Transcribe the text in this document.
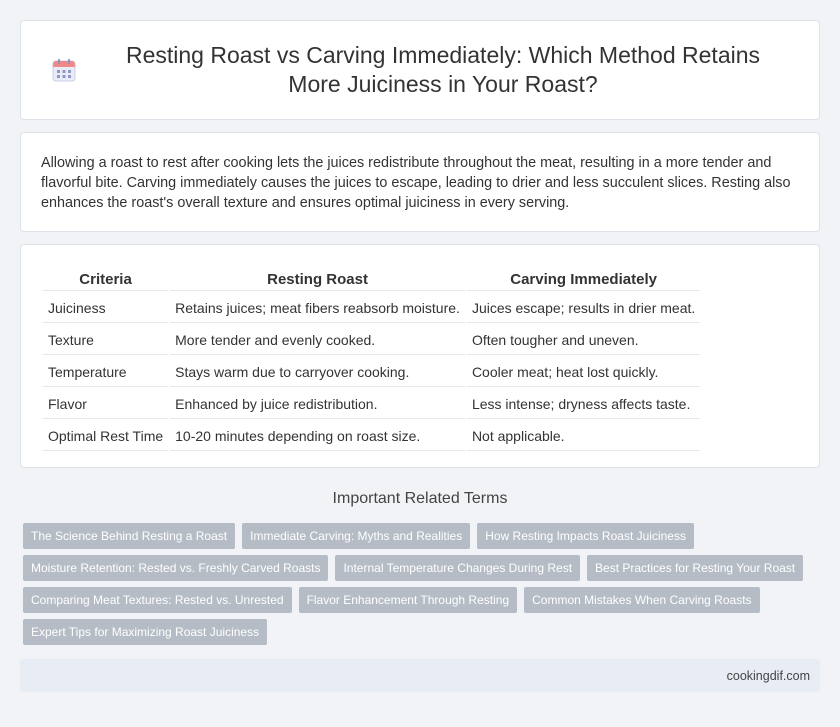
Resting Roast vs Carving Immediately: Which Method Retains More Juiciness in Your Roast?

Allowing a roast to rest after cooking lets the juices redistribute throughout the meat, resulting in a more tender and flavorful bite. Carving immediately causes the juices to escape, leading to drier and less succulent slices. Resting also enhances the roast's overall texture and ensures optimal juiciness in every serving.

Criteria	Resting Roast	Carving Immediately
Juiciness	Retains juices; meat fibers reabsorb moisture.	Juices escape; results in drier meat.
Texture	More tender and evenly cooked.	Often tougher and uneven.
Temperature	Stays warm due to carryover cooking.	Cooler meat; heat lost quickly.
Flavor	Enhanced by juice redistribution.	Less intense; dryness affects taste.
Optimal Rest Time	10-20 minutes depending on roast size.	Not applicable.
Important Related Terms
The Science Behind Resting a Roast	Immediate Carving: Myths and Realities	How Resting Impacts Roast Juiciness
Moisture Retention: Rested vs. Freshly Carved Roasts	Internal Temperature Changes During Rest	Best Practices for Resting Your Roast
Comparing Meat Textures: Rested vs. Unrested	Flavor Enhancement Through Resting	Common Mistakes When Carving Roasts
Expert Tips for Maximizing Roast Juiciness
cookingdif.com
